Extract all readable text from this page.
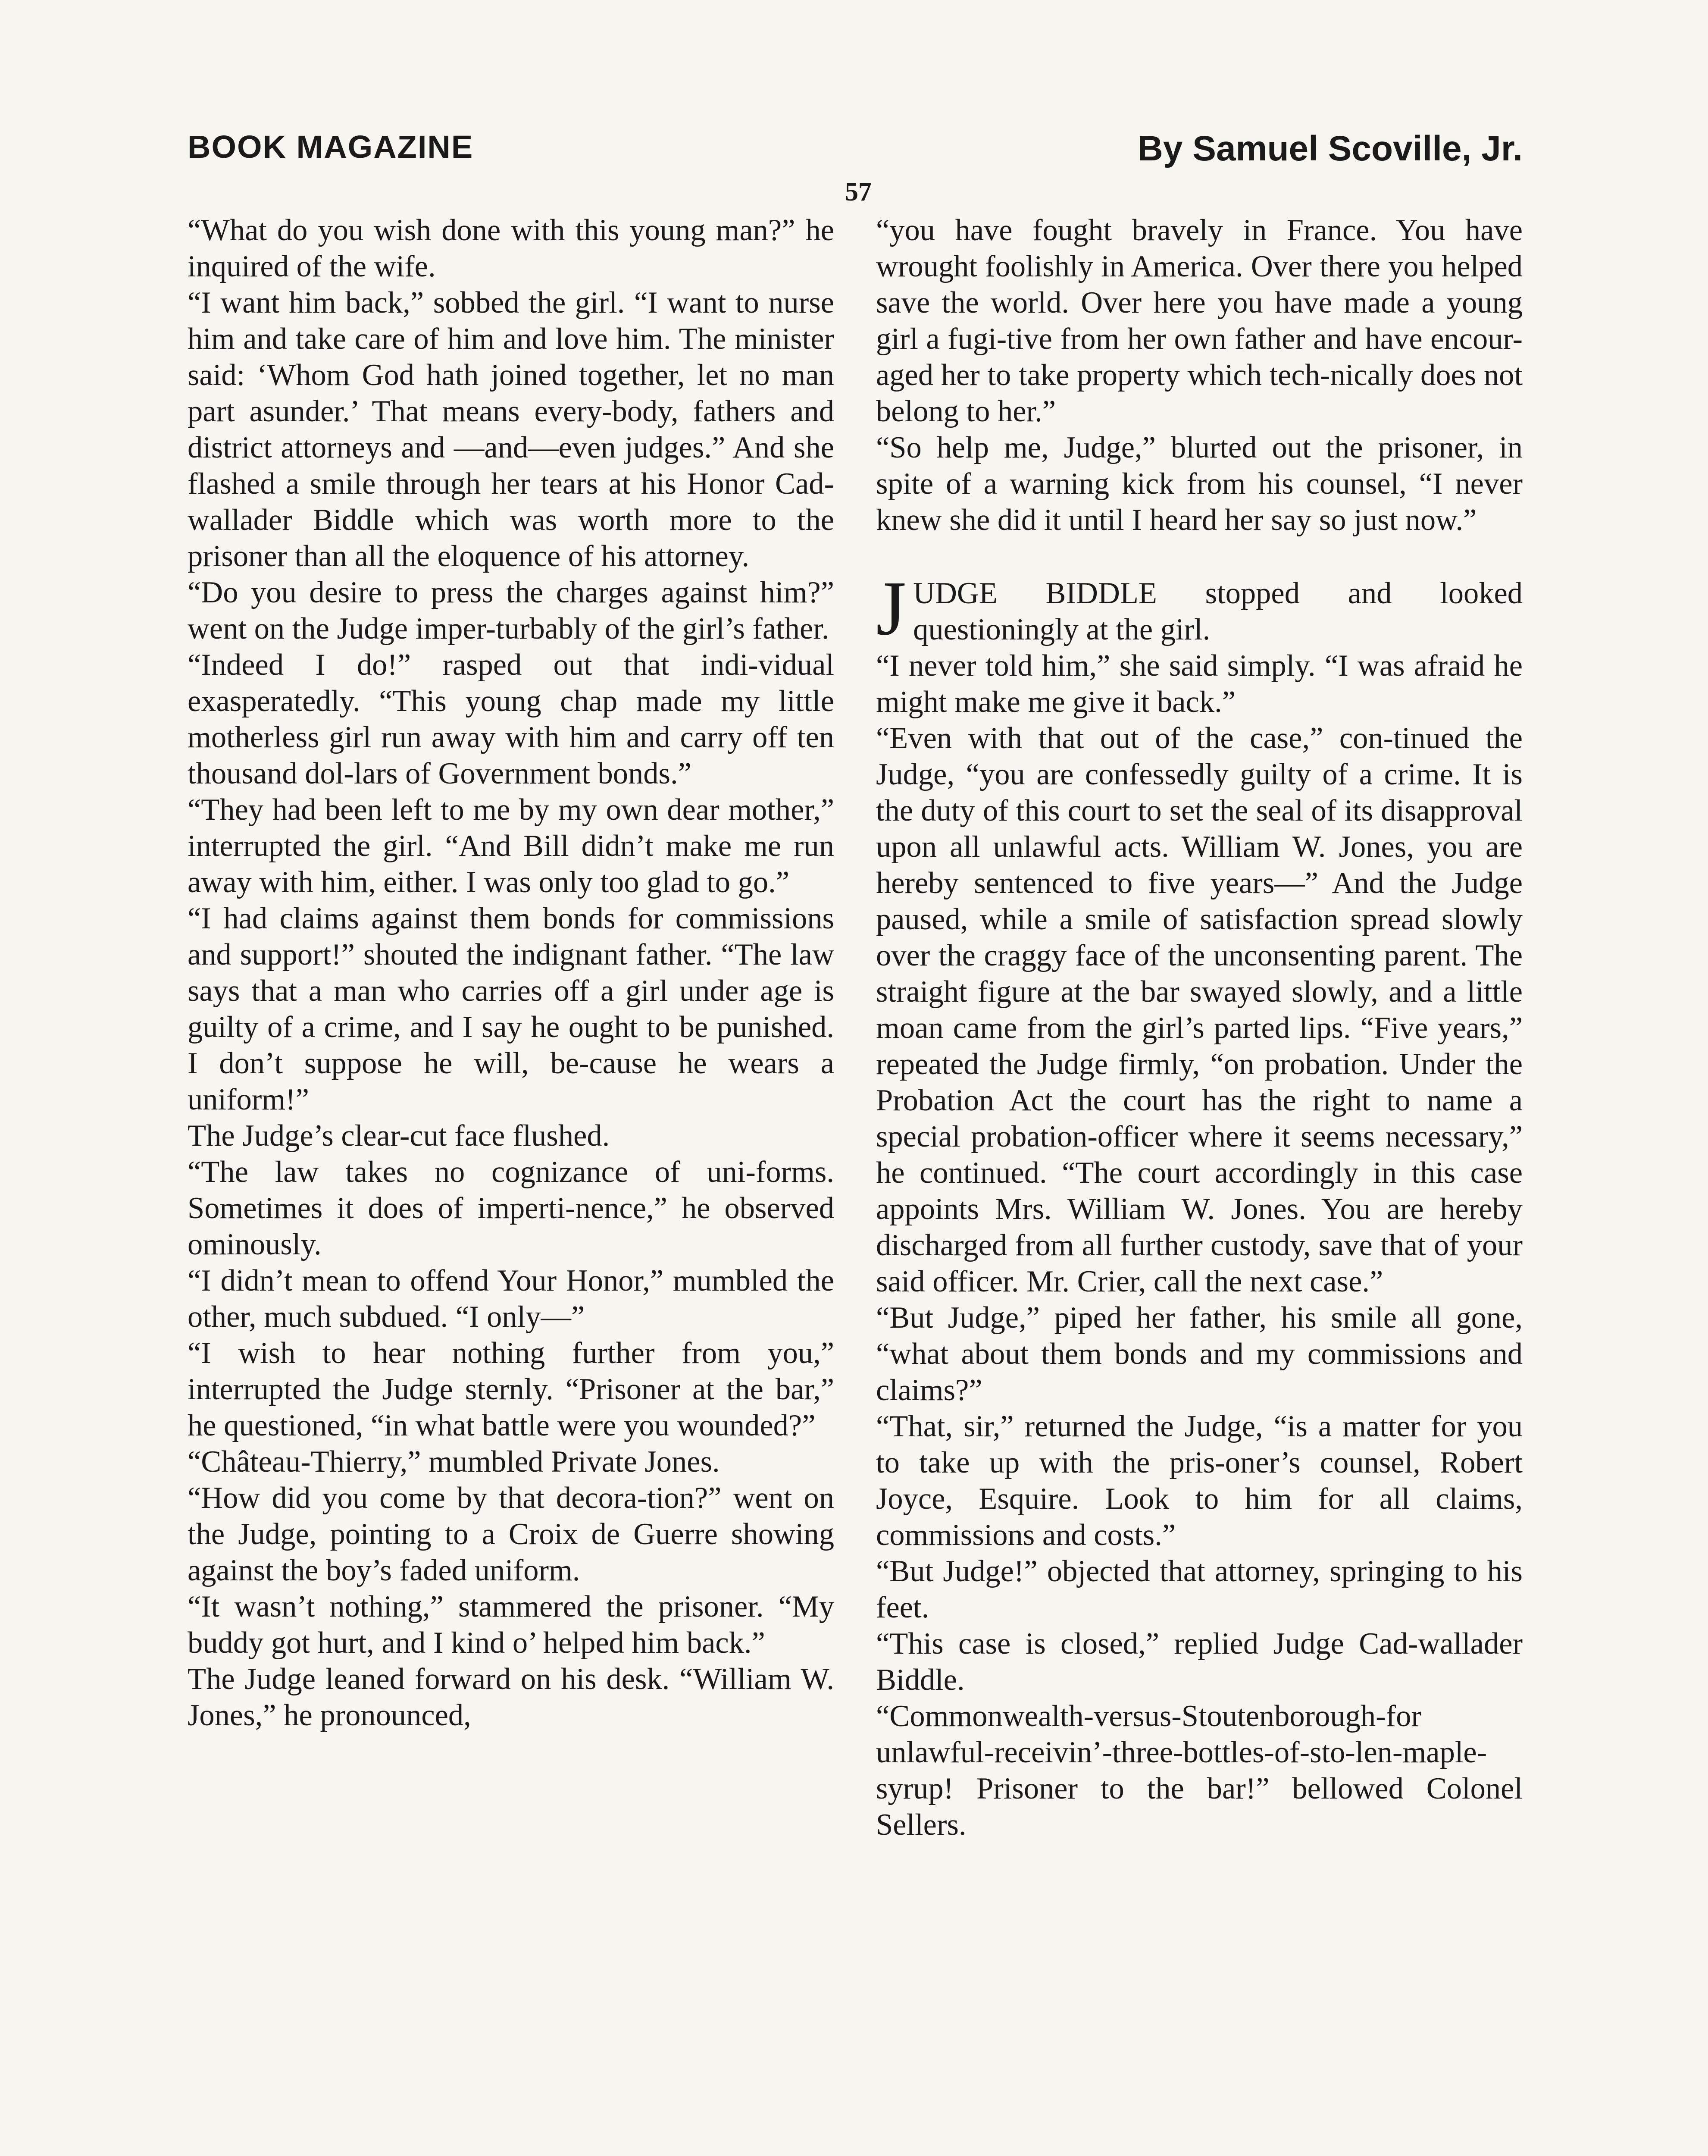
BOOK MAGAZINE	By Samuel Scoville, Jr.
57

“What do you wish done with this young man?” he inquired of the wife.

“I want him back,” sobbed the girl. “I want to nurse him and take care of him and love him. The minister said: ‘Whom God hath joined together, let no man part asunder.’ That means every-body, fathers and district attorneys and —and—even judges.” And she flashed a smile through her tears at his Honor Cad-wallader Biddle which was worth more to the prisoner than all the eloquence of his attorney.

“Do you desire to press the charges against him?” went on the Judge imper-turbably of the girl’s father.

“Indeed I do!” rasped out that indi-vidual exasperatedly. “This young chap made my little motherless girl run away with him and carry off ten thousand dol-lars of Government bonds.”

“They had been left to me by my own dear mother,” interrupted the girl. “And Bill didn’t make me run away with him, either. I was only too glad to go.”

“I had claims against them bonds for commissions and support!” shouted the indignant father. “The law says that a man who carries off a girl under age is guilty of a crime, and I say he ought to be punished. I don’t suppose he will, be-cause he wears a uniform!”

The Judge’s clear-cut face flushed.

“The law takes no cognizance of uni-forms. Sometimes it does of imperti-nence,” he observed ominously.

“I didn’t mean to offend Your Honor,” mumbled the other, much subdued. “I only—”

“I wish to hear nothing further from you,” interrupted the Judge sternly. “Prisoner at the bar,” he questioned, “in what battle were you wounded?”

“Château-Thierry,” mumbled Private Jones.

“How did you come by that decora-tion?” went on the Judge, pointing to a Croix de Guerre showing against the boy’s faded uniform.

“It wasn’t nothing,” stammered the prisoner. “My buddy got hurt, and I kind o’ helped him back.”

The Judge leaned forward on his desk. “William W. Jones,” he pronounced,

“you have fought bravely in France. You have wrought foolishly in America. Over there you helped save the world. Over here you have made a young girl a fugi-tive from her own father and have encour-aged her to take property which tech-nically does not belong to her.”

“So help me, Judge,” blurted out the prisoner, in spite of a warning kick from his counsel, “I never knew she did it until I heard her say so just now.”

JUDGE BIDDLE stopped and looked questioningly at the girl.

“I never told him,” she said simply. “I was afraid he might make me give it back.”

“Even with that out of the case,” con-tinued the Judge, “you are confessedly guilty of a crime. It is the duty of this court to set the seal of its disapproval upon all unlawful acts. William W. Jones, you are hereby sentenced to five years—” And the Judge paused, while a smile of satisfaction spread slowly over the craggy face of the unconsenting parent. The straight figure at the bar swayed slowly, and a little moan came from the girl’s parted lips. “Five years,” repeated the Judge firmly, “on probation. Under the Probation Act the court has the right to name a special probation-officer where it seems necessary,” he continued. “The court accordingly in this case appoints Mrs. William W. Jones. You are hereby discharged from all further custody, save that of your said officer. Mr. Crier, call the next case.”

“But Judge,” piped her father, his smile all gone, “what about them bonds and my commissions and claims?”

“That, sir,” returned the Judge, “is a matter for you to take up with the pris-oner’s counsel, Robert Joyce, Esquire. Look to him for all claims, commissions and costs.”

“But Judge!” objected that attorney, springing to his feet.

“This case is closed,” replied Judge Cad-wallader Biddle.

“Commonwealth-versus-Stoutenborough-for unlawful-receivin’-three-bottles-of-sto-len-maple-syrup! Prisoner to the bar!” bellowed Colonel Sellers.
